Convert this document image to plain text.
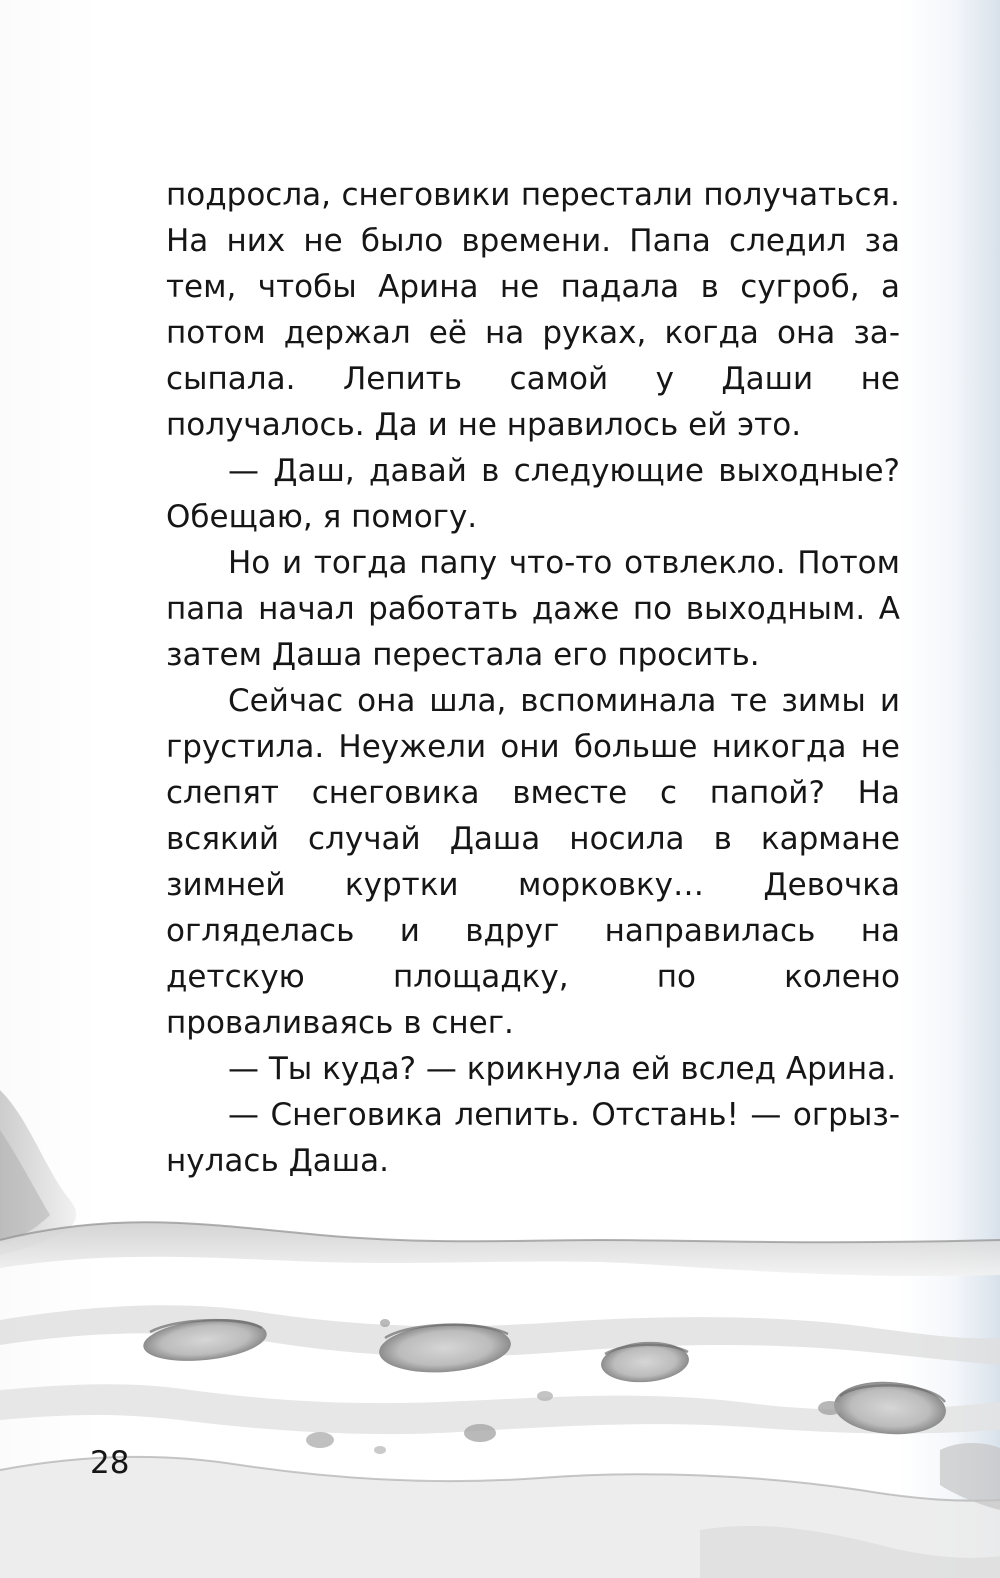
подросла, снеговики перестали получаться. На них не было времени. Папа следил за тем, чтобы Арина не падала в сугроб, а потом держал её на руках, когда она засыпала. Лепить самой у Даши не получалось. Да и не нравилось ей это.

— Даш, давай в следующие выходные? Обещаю, я помогу.

Но и тогда папу что-то отвлекло. Потом папа начал работать даже по выходным. А затем Даша перестала его просить.

Сейчас она шла, вспоминала те зимы и грустила. Неужели они больше никогда не слепят снеговика вместе с папой? На всякий случай Даша носила в кармане зимней куртки морковку… Девочка огляделась и вдруг направилась на детскую площадку, по колено проваливаясь в снег.

— Ты куда? — крикнула ей вслед Арина.

— Снеговика лепить. Отстань! — огрызнулась Даша.

28
